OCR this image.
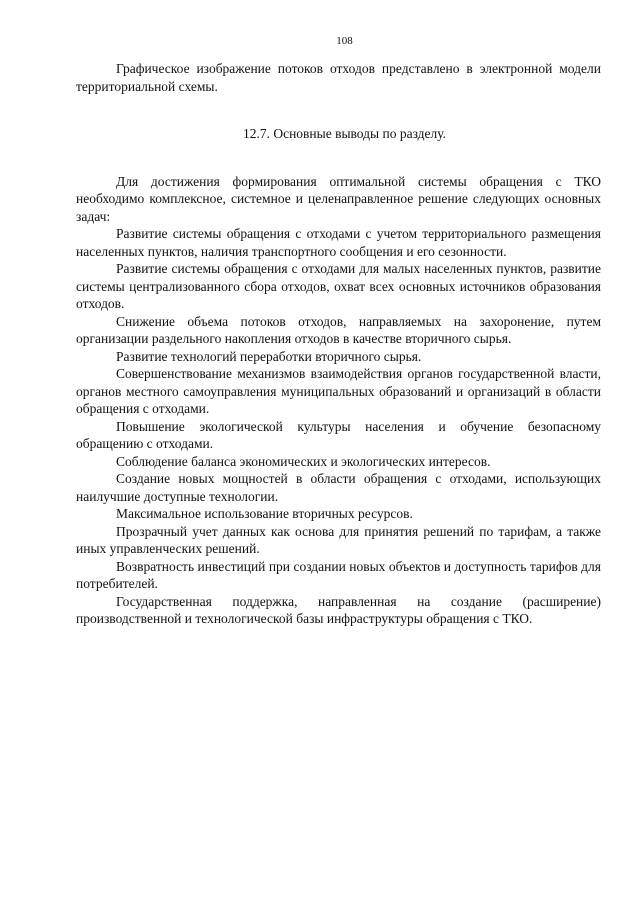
108

Графическое изображение потоков отходов представлено в электронной модели территориальной схемы.

12.7. Основные выводы по разделу.

Для достижения формирования оптимальной системы обращения с ТКО необходимо комплексное, системное и целенаправленное решение следующих основных задач:

Развитие системы обращения с отходами с учетом территориального размещения населенных пунктов, наличия транспортного сообщения и его сезонности.

Развитие системы обращения с отходами для малых населенных пунктов, развитие системы централизованного сбора отходов, охват всех основных источников образования отходов.

Снижение объема потоков отходов, направляемых на захоронение, путем организации раздельного накопления отходов в качестве вторичного сырья.

Развитие технологий переработки вторичного сырья.

Совершенствование механизмов взаимодействия органов государственной власти, органов местного самоуправления муниципальных образований и организаций в области обращения с отходами.

Повышение экологической культуры населения и обучение безопасному обращению с отходами.

Соблюдение баланса экономических и экологических интересов.

Создание новых мощностей в области обращения с отходами, использующих наилучшие доступные технологии.

Максимальное использование вторичных ресурсов.

Прозрачный учет данных как основа для принятия решений по тарифам, а также иных управленческих решений.

Возвратность инвестиций при создании новых объектов и доступность тарифов для потребителей.

Государственная поддержка, направленная на создание (расширение) производственной и технологической базы инфраструктуры обращения с ТКО.
